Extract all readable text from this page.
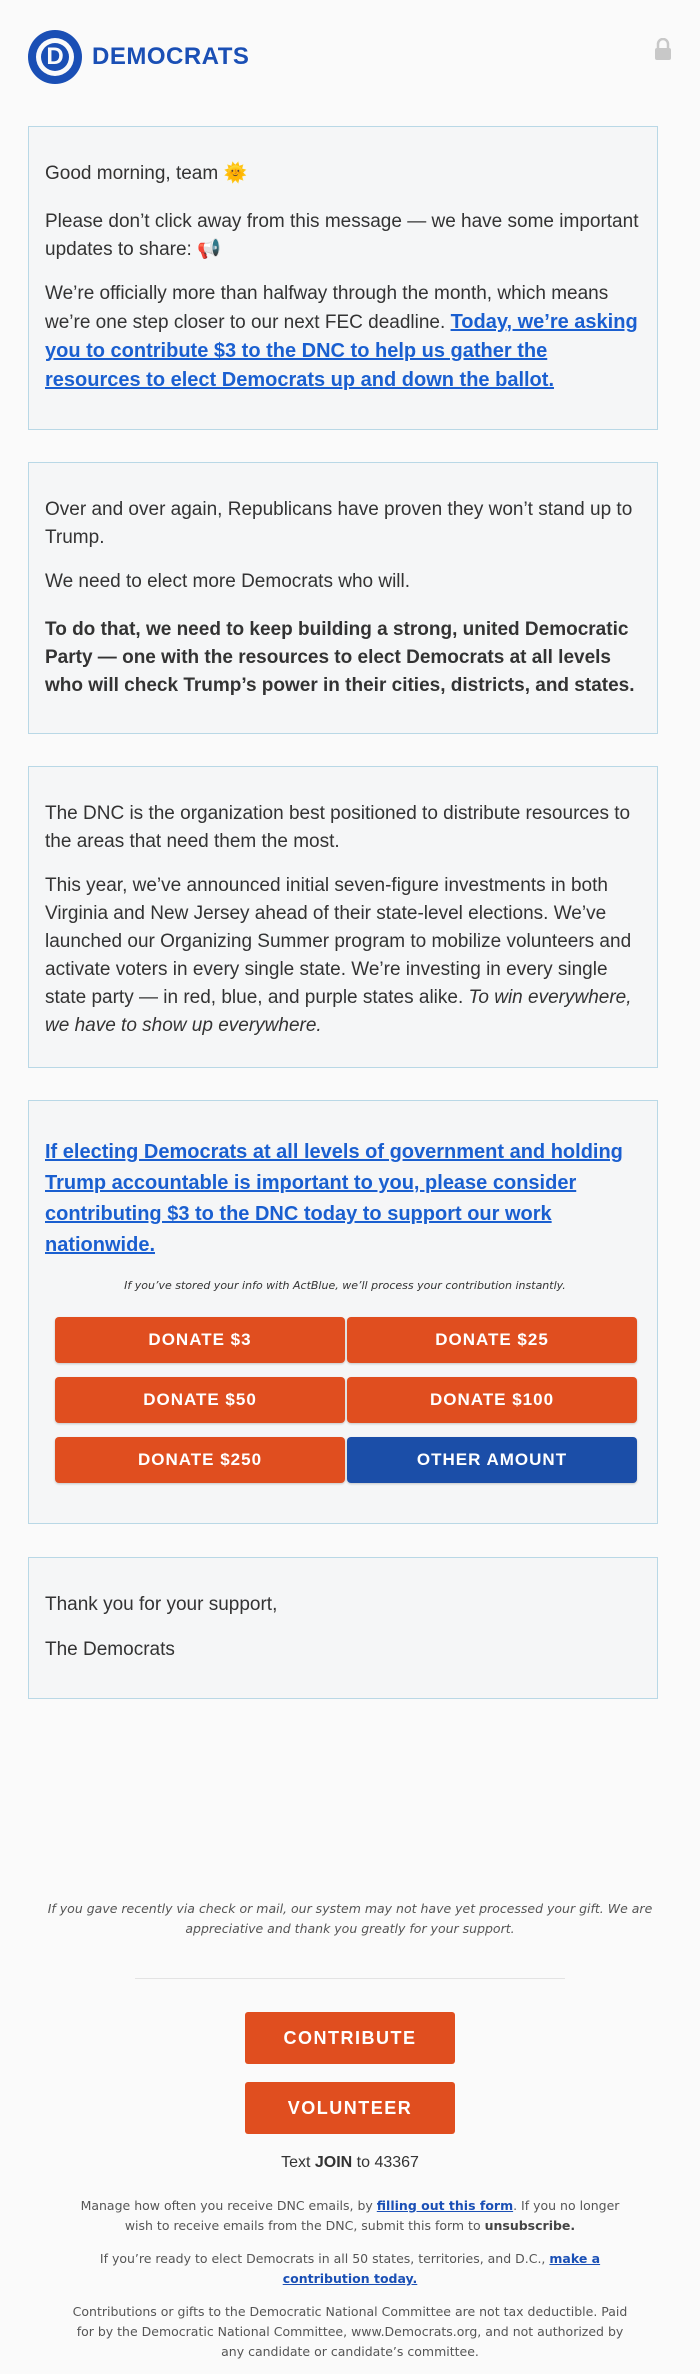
D DEMOCRATS

Good morning, team 🌞

Please don’t click away from this message — we have some important updates to share: 📢

We’re officially more than halfway through the month, which means we’re one step closer to our next FEC deadline. Today, we’re asking you to contribute $3 to the DNC to help us gather the resources to elect Democrats up and down the ballot.

Over and over again, Republicans have proven they won’t stand up to Trump.

We need to elect more Democrats who will.

To do that, we need to keep building a strong, united Democratic Party — one with the resources to elect Democrats at all levels who will check Trump’s power in their cities, districts, and states.

The DNC is the organization best positioned to distribute resources to the areas that need them the most.

This year, we’ve announced initial seven-figure investments in both Virginia and New Jersey ahead of their state-level elections. We’ve launched our Organizing Summer program to mobilize volunteers and activate voters in every single state. We’re investing in every single state party — in red, blue, and purple states alike. To win everywhere, we have to show up everywhere.

If electing Democrats at all levels of government and holding Trump accountable is important to you, please consider contributing $3 to the DNC today to support our work nationwide.

If you’ve stored your info with ActBlue, we’ll process your contribution instantly.
DONATE $3	DONATE $25
DONATE $50	DONATE $100
DONATE $250	OTHER AMOUNT

Thank you for your support,

The Democrats

If you gave recently via check or mail, our system may not have yet processed your gift. We are appreciative and thank you greatly for your support.
CONTRIBUTE
VOLUNTEER
Text JOIN to 43367
Manage how often you receive DNC emails, by filling out this form. If you no longer wish to receive emails from the DNC, submit this form to unsubscribe.
If you’re ready to elect Democrats in all 50 states, territories, and D.C., make a contribution today.
Contributions or gifts to the Democratic National Committee are not tax deductible. Paid for by the Democratic National Committee, www.Democrats.org, and not authorized by any candidate or candidate’s committee.
